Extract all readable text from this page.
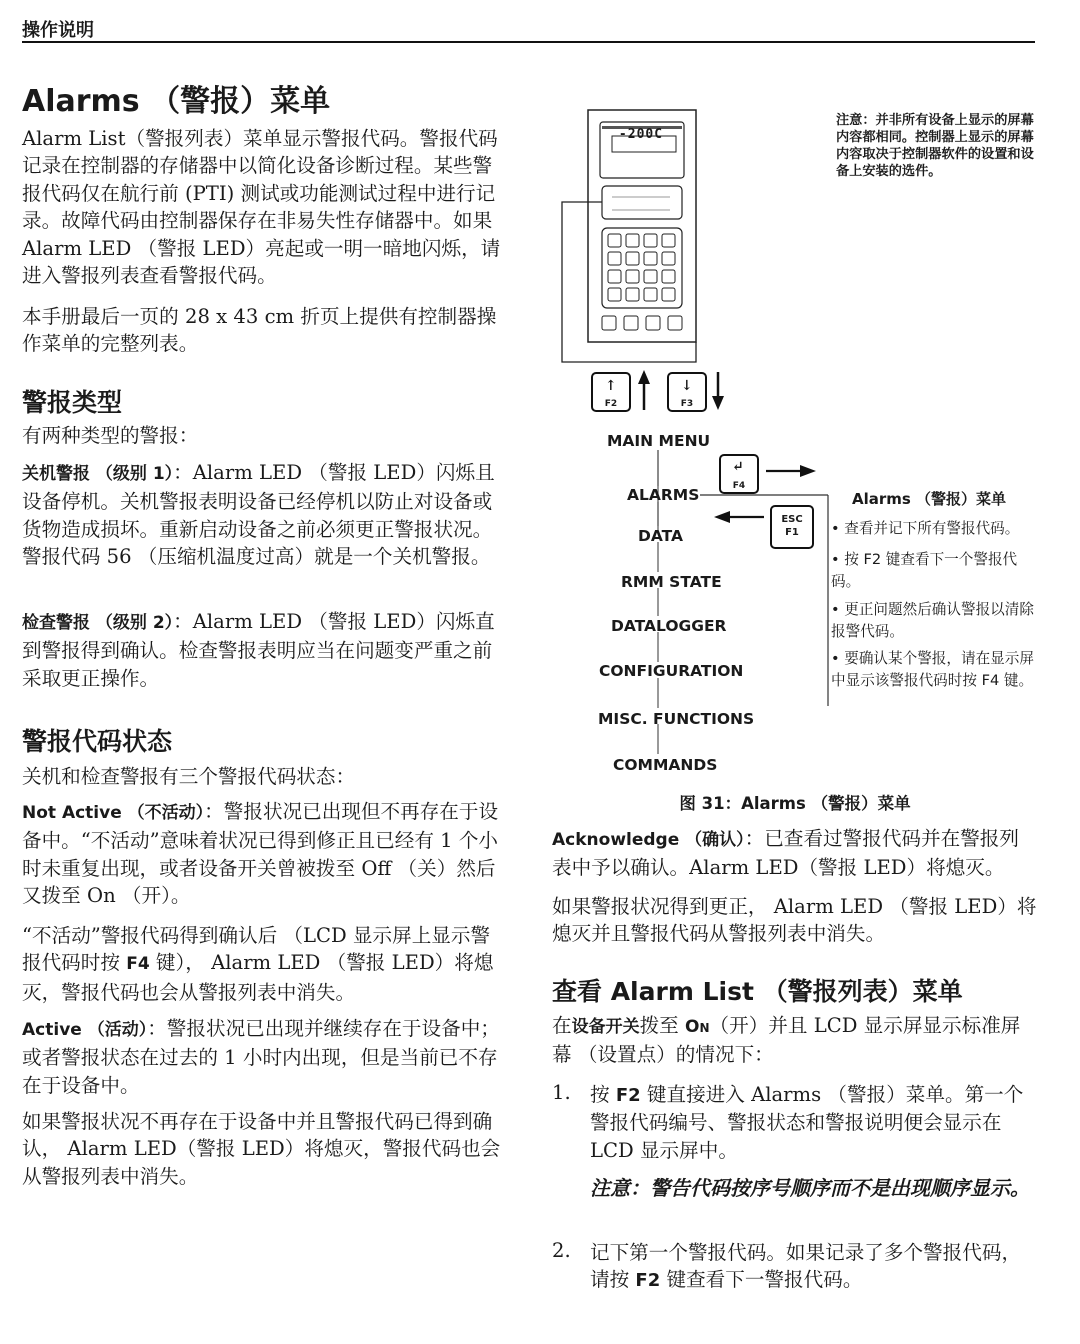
操作说明
Alarms （警报）菜单
Alarm List（警报列表）菜单显示警报代码。警报代码记录在控制器的存储器中以简化设备诊断过程。某些警报代码仅在航行前 (PTI) 测试或功能测试过程中进行记录。故障代码由控制器保存在非易失性存储器中。如果 Alarm LED （警报 LED）亮起或一明一暗地闪烁，请进入警报列表查看警报代码。
本手册最后一页的 28 x 43 cm 折页上提供有控制器操作菜单的完整列表。
警报类型
有两种类型的警报：
关机警报 （级别 1）：Alarm LED （警报 LED）闪烁且设备停机。关机警报表明设备已经停机以防止对设备或货物造成损坏。重新启动设备之前必须更正警报状况。警报代码 56 （压缩机温度过高）就是一个关机警报。
检查警报 （级别 2）：Alarm LED （警报 LED）闪烁直到警报得到确认。检查警报表明应当在问题变严重之前采取更正操作。
警报代码状态
关机和检查警报有三个警报代码状态：
Not Active （不活动）：警报状况已出现但不再存在于设备中。“不活动”意味着状况已得到修正且已经有 1 个小时未重复出现，或者设备开关曾被拨至 Off （关）然后又拨至 On （开）。
“不活动”警报代码得到确认后 （LCD 显示屏上显示警报代码时按 F4 键）， Alarm LED （警报 LED）将熄灭，警报代码也会从警报列表中消失。
Active （活动）：警报状况已出现并继续存在于设备中；或者警报状态在过去的 1 小时内出现，但是当前已不存在于设备中。
如果警报状况不再存在于设备中并且警报代码已得到确认， Alarm LED（警报 LED）将熄灭，警报代码也会从警报列表中消失。
-200C
注意：并非所有设备上显示的屏幕内容都相同。控制器上显示的屏幕内容取决于控制器软件的设置和设备上安装的选件。
F2
↑
F3
↓
MAIN MENU
ALARMS
DATA
RMM STATE
DATALOGGER
CONFIGURATION
MISC. FUNCTIONS
COMMANDS
F4
↵
ESC
F1
Alarms （警报）菜单
• 查看并记下所有警报代码。
• 按 F2 键查看下一个警报代码。
• 更正问题然后确认警报以清除报警代码。
• 要确认某个警报，请在显示屏中显示该警报代码时按 F4 键。
图 31：Alarms （警报）菜单
Acknowledge （确认）：已查看过警报代码并在警报列表中予以确认。Alarm LED（警报 LED）将熄灭。
如果警报状况得到更正， Alarm LED （警报 LED）将熄灭并且警报代码从警报列表中消失。
查看 Alarm List （警报列表）菜单
在设备开关拨至 On（开）并且 LCD 显示屏显示标准屏幕 （设置点）的情况下：
1. 按 F2 键直接进入 Alarms （警报）菜单。第一个警报代码编号、警报状态和警报说明便会显示在 LCD 显示屏中。
注意：警告代码按序号顺序而不是出现顺序显示。
2. 记下第一个警报代码。如果记录了多个警报代码，请按 F2 键查看下一警报代码。
